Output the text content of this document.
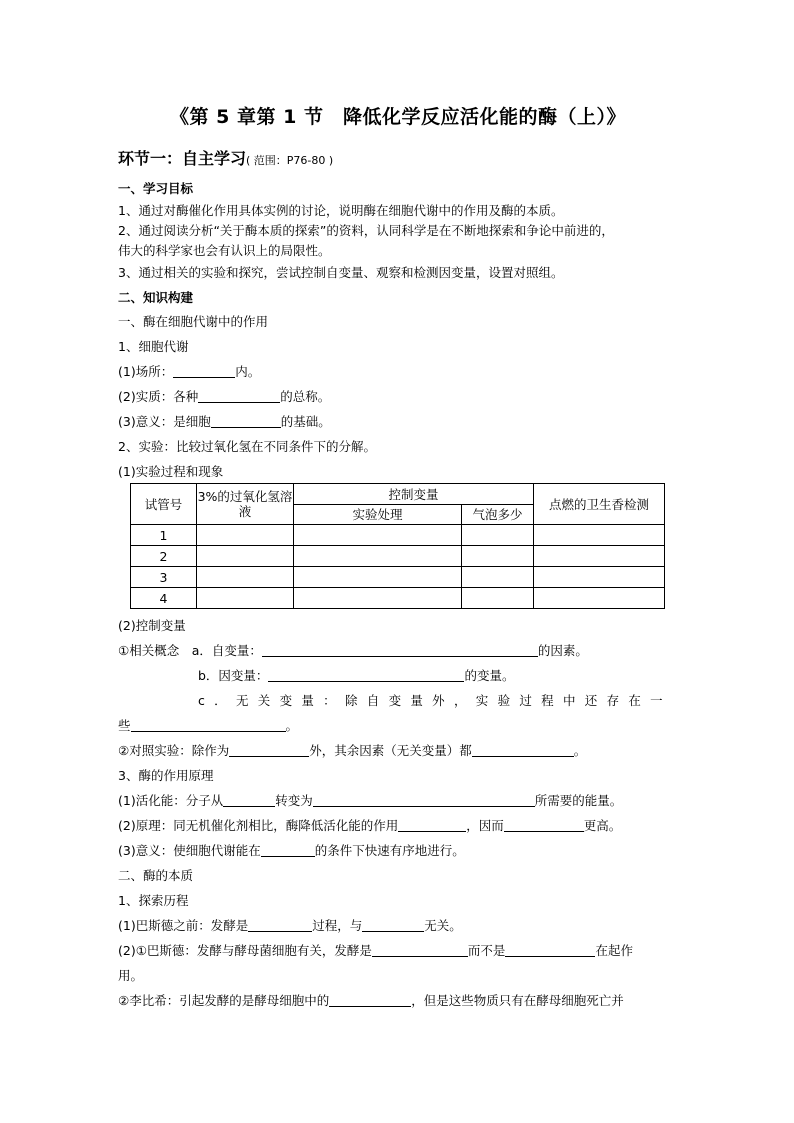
《第 5 章第 1 节　降低化学反应活化能的酶（上）》
环节一：自主学习( 范围：P76-80 )
一、学习目标
1、通过对酶催化作用具体实例的讨论，说明酶在细胞代谢中的作用及酶的本质。
2、通过阅读分析“关于酶本质的探索”的资料，认同科学是在不断地探索和争论中前进的，
伟大的科学家也会有认识上的局限性。
3、通过相关的实验和探究，尝试控制自变量、观察和检测因变量，设置对照组。
二、知识构建
一、酶在细胞代谢中的作用
1、细胞代谢
(1)场所：	内。
(2)实质：各种	的总称。
(3)意义：是细胞	的基础。
2、实验：比较过氧化氢在不同条件下的分解。
(1)实验过程和现象
试管号	3%的过氧化氢溶液	控制变量		点燃的卫生香检测
		实验处理	气泡多少	
1				
2				
3				
4				
(2)控制变量
①相关概念　a．自变量：	的因素。
b．因变量：	的变量。
c．无关变量：除自变量外，实验过程中还存在一
些	。
②对照实验：除作为	外，其余因素（无关变量）都	。
3、酶的作用原理
(1)活化能：分子从	转变为	所需要的能量。
(2)原理：同无机催化剂相比，酶降低活化能的作用	，因而	更高。
(3)意义：使细胞代谢能在	的条件下快速有序地进行。
二、酶的本质
1、探索历程
(1)巴斯德之前：发酵是	过程，与	无关。
(2)①巴斯德：发酵与酵母菌细胞有关，发酵是	而不是	在起作
用。
②李比希：引起发酵的是酵母细胞中的	，但是这些物质只有在酵母细胞死亡并
